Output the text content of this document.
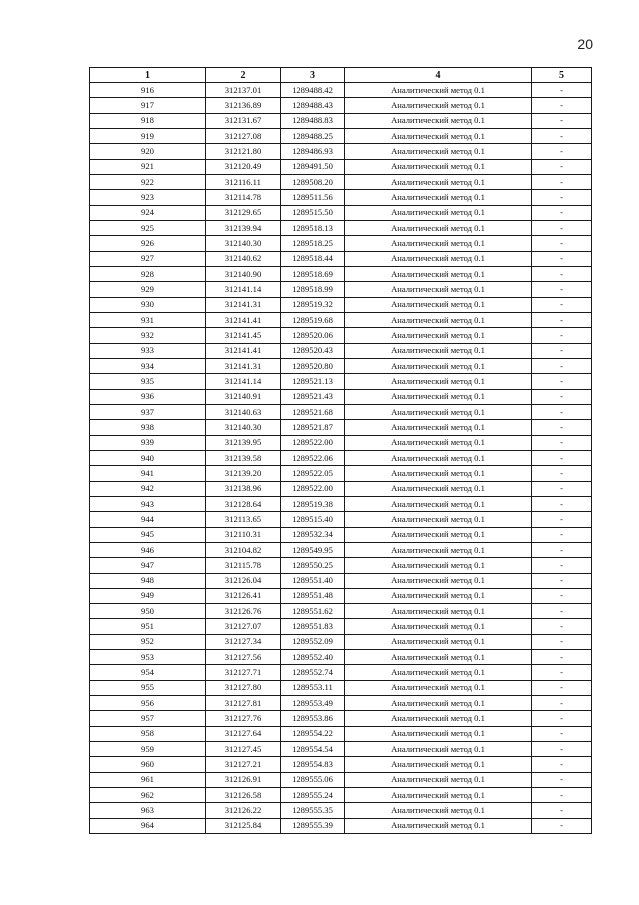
20
1	2	3	4	5
916	312137.01	1289488.42	Аналитический метод 0.1	-
917	312136.89	1289488.43	Аналитический метод 0.1	-
918	312131.67	1289488.83	Аналитический метод 0.1	-
919	312127.08	1289488.25	Аналитический метод 0.1	-
920	312121.80	1289486.93	Аналитический метод 0.1	-
921	312120.49	1289491.50	Аналитический метод 0.1	-
922	312116.11	1289508.20	Аналитический метод 0.1	-
923	312114.78	1289511.56	Аналитический метод 0.1	-
924	312129.65	1289515.50	Аналитический метод 0.1	-
925	312139.94	1289518.13	Аналитический метод 0.1	-
926	312140.30	1289518.25	Аналитический метод 0.1	-
927	312140.62	1289518.44	Аналитический метод 0.1	-
928	312140.90	1289518.69	Аналитический метод 0.1	-
929	312141.14	1289518.99	Аналитический метод 0.1	-
930	312141.31	1289519.32	Аналитический метод 0.1	-
931	312141.41	1289519.68	Аналитический метод 0.1	-
932	312141.45	1289520.06	Аналитический метод 0.1	-
933	312141.41	1289520.43	Аналитический метод 0.1	-
934	312141.31	1289520.80	Аналитический метод 0.1	-
935	312141.14	1289521.13	Аналитический метод 0.1	-
936	312140.91	1289521.43	Аналитический метод 0.1	-
937	312140.63	1289521.68	Аналитический метод 0.1	-
938	312140.30	1289521.87	Аналитический метод 0.1	-
939	312139.95	1289522.00	Аналитический метод 0.1	-
940	312139.58	1289522.06	Аналитический метод 0.1	-
941	312139.20	1289522.05	Аналитический метод 0.1	-
942	312138.96	1289522.00	Аналитический метод 0.1	-
943	312128.64	1289519.38	Аналитический метод 0.1	-
944	312113.65	1289515.40	Аналитический метод 0.1	-
945	312110.31	1289532.34	Аналитический метод 0.1	-
946	312104.82	1289549.95	Аналитический метод 0.1	-
947	312115.78	1289550.25	Аналитический метод 0.1	-
948	312126.04	1289551.40	Аналитический метод 0.1	-
949	312126.41	1289551.48	Аналитический метод 0.1	-
950	312126.76	1289551.62	Аналитический метод 0.1	-
951	312127.07	1289551.83	Аналитический метод 0.1	-
952	312127.34	1289552.09	Аналитический метод 0.1	-
953	312127.56	1289552.40	Аналитический метод 0.1	-
954	312127.71	1289552.74	Аналитический метод 0.1	-
955	312127.80	1289553.11	Аналитический метод 0.1	-
956	312127.81	1289553.49	Аналитический метод 0.1	-
957	312127.76	1289553.86	Аналитический метод 0.1	-
958	312127.64	1289554.22	Аналитический метод 0.1	-
959	312127.45	1289554.54	Аналитический метод 0.1	-
960	312127.21	1289554.83	Аналитический метод 0.1	-
961	312126.91	1289555.06	Аналитический метод 0.1	-
962	312126.58	1289555.24	Аналитический метод 0.1	-
963	312126.22	1289555.35	Аналитический метод 0.1	-
964	312125.84	1289555.39	Аналитический метод 0.1	-
